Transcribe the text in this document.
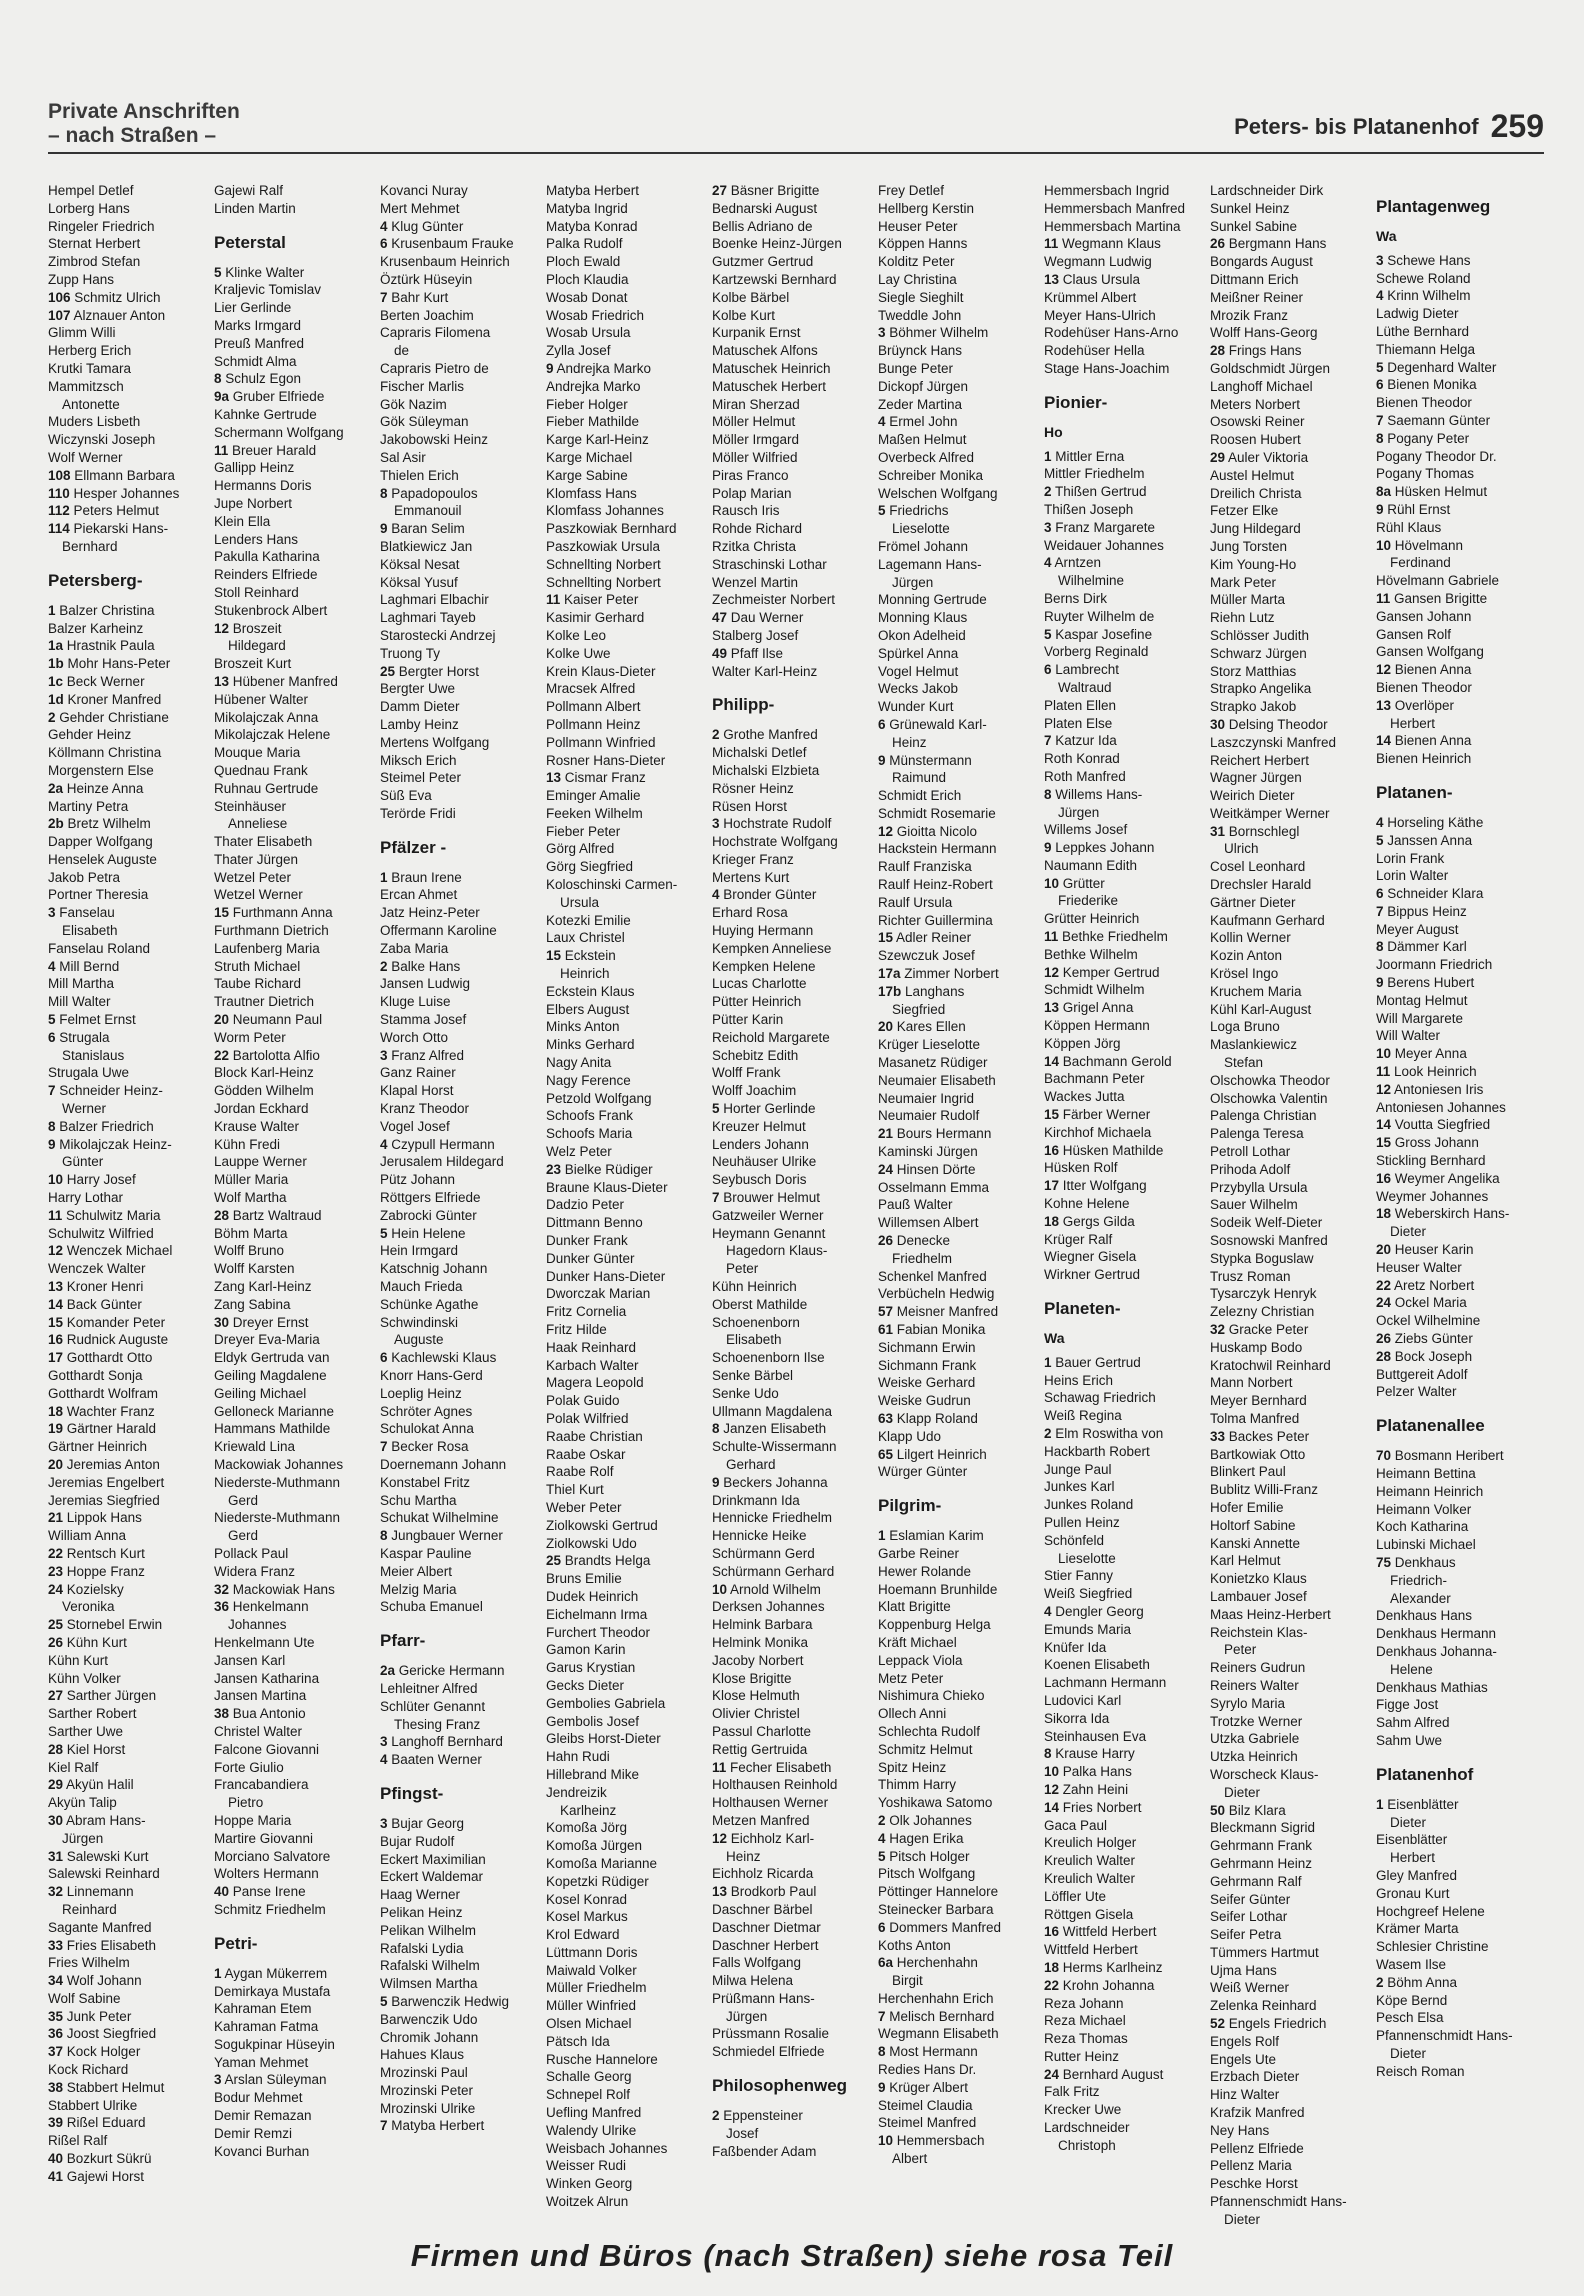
Private Anschriften
– nach Straßen –	Peters- bis Platanenhof 259
Hempel Detlef
Lorberg Hans
Ringeler Friedrich
Sternat Herbert
Zimbrod Stefan
Zupp Hans
106 Schmitz Ulrich
107 Alznauer Anton
Glimm Willi
Herberg Erich
Krutki Tamara
Mammitzsch
Antonette
Muders Lisbeth
Wiczynski Joseph
Wolf Werner
108 Ellmann Barbara
110 Hesper Johannes
112 Peters Helmut
114 Piekarski Hans-
Bernhard
Petersberg-
1 Balzer Christina
Balzer Karheinz
1a Hrastnik Paula
1b Mohr Hans-Peter
1c Beck Werner
1d Kroner Manfred
2 Gehder Christiane
Gehder Heinz
Köllmann Christina
Morgenstern Else
2a Heinze Anna
Martiny Petra
2b Bretz Wilhelm
Dapper Wolfgang
Henselek Auguste
Jakob Petra
Portner Theresia
3 Fanselau
Elisabeth
Fanselau Roland
4 Mill Bernd
Mill Martha
Mill Walter
5 Felmet Ernst
6 Strugala
Stanislaus
Strugala Uwe
7 Schneider Heinz-
Werner
8 Balzer Friedrich
9 Mikolajczak Heinz-
Günter
10 Harry Josef
Harry Lothar
11 Schulwitz Maria
Schulwitz Wilfried
12 Wenczek Michael
Wenczek Walter
13 Kroner Henri
14 Back Günter
15 Komander Peter
16 Rudnick Auguste
17 Gotthardt Otto
Gotthardt Sonja
Gotthardt Wolfram
18 Wachter Franz
19 Gärtner Harald
Gärtner Heinrich
20 Jeremias Anton
Jeremias Engelbert
Jeremias Siegfried
21 Lippok Hans
William Anna
22 Rentsch Kurt
23 Hoppe Franz
24 Kozielsky
Veronika
25 Stornebel Erwin
26 Kühn Kurt
Kühn Kurt
Kühn Volker
27 Sarther Jürgen
Sarther Robert
Sarther Uwe
28 Kiel Horst
Kiel Ralf
29 Akyün Halil
Akyün Talip
30 Abram Hans-
Jürgen
31 Salewski Kurt
Salewski Reinhard
32 Linnemann
Reinhard
Sagante Manfred
33 Fries Elisabeth
Fries Wilhelm
34 Wolf Johann
Wolf Sabine
35 Junk Peter
36 Joost Siegfried
37 Kock Holger
Kock Richard
38 Stabbert Helmut
Stabbert Ulrike
39 Rißel Eduard
Rißel Ralf
40 Bozkurt Sükrü
41 Gajewi Horst
Gajewi Ralf
Linden Martin
Peterstal
5 Klinke Walter
Kraljevic Tomislav
Lier Gerlinde
Marks Irmgard
Preuß Manfred
Schmidt Alma
8 Schulz Egon
9a Gruber Elfriede
Kahnke Gertrude
Schermann Wolfgang
11 Breuer Harald
Gallipp Heinz
Hermanns Doris
Jupe Norbert
Klein Ella
Lenders Hans
Pakulla Katharina
Reinders Elfriede
Stoll Reinhard
Stukenbrock Albert
12 Broszeit
Hildegard
Broszeit Kurt
13 Hübener Manfred
Hübener Walter
Mikolajczak Anna
Mikolajczak Helene
Mouque Maria
Quednau Frank
Ruhnau Gertrude
Steinhäuser
Anneliese
Thater Elisabeth
Thater Jürgen
Wetzel Peter
Wetzel Werner
15 Furthmann Anna
Furthmann Dietrich
Laufenberg Maria
Struth Michael
Taube Richard
Trautner Dietrich
20 Neumann Paul
Worm Peter
22 Bartolotta Alfio
Block Karl-Heinz
Gödden Wilhelm
Jordan Eckhard
Krause Walter
Kühn Fredi
Lauppe Werner
Müller Maria
Wolf Martha
28 Bartz Waltraud
Böhm Marta
Wolff Bruno
Wolff Karsten
Zang Karl-Heinz
Zang Sabina
30 Dreyer Ernst
Dreyer Eva-Maria
Eldyk Gertruda van
Geiling Magdalene
Geiling Michael
Gelloneck Marianne
Hammans Mathilde
Kriewald Lina
Mackowiak Johannes
Niederste-Muthmann
Gerd
Niederste-Muthmann
Gerd
Pollack Paul
Widera Franz
32 Mackowiak Hans
36 Henkelmann
Johannes
Henkelmann Ute
Jansen Karl
Jansen Katharina
Jansen Martina
38 Bua Antonio
Christel Walter
Falcone Giovanni
Forte Giulio
Francabandiera
Pietro
Hoppe Maria
Martire Giovanni
Morciano Salvatore
Wolters Hermann
40 Panse Irene
Schmitz Friedhelm
Petri-
1 Aygan Mükerrem
Demirkaya Mustafa
Kahraman Etem
Kahraman Fatma
Sogukpinar Hüseyin
Yaman Mehmet
3 Arslan Süleyman
Bodur Mehmet
Demir Remazan
Demir Remzi
Kovanci Burhan
Kovanci Nuray
Mert Mehmet
4 Klug Günter
6 Krusenbaum Frauke
Krusenbaum Heinrich
Öztürk Hüseyin
7 Bahr Kurt
Berten Joachim
Capraris Filomena
de
Capraris Pietro de
Fischer Marlis
Gök Nazim
Gök Süleyman
Jakobowski Heinz
Sal Asir
Thielen Erich
8 Papadopoulos
Emmanouil
9 Baran Selim
Blatkiewicz Jan
Köksal Nesat
Köksal Yusuf
Laghmari Elbachir
Laghmari Tayeb
Starostecki Andrzej
Truong Ty
25 Bergter Horst
Bergter Uwe
Damm Dieter
Lamby Heinz
Mertens Wolfgang
Miksch Erich
Steimel Peter
Süß Eva
Terörde Fridi
Pfälzer -
1 Braun Irene
Ercan Ahmet
Jatz Heinz-Peter
Offermann Karoline
Zaba Maria
2 Balke Hans
Jansen Ludwig
Kluge Luise
Stamma Josef
Worch Otto
3 Franz Alfred
Ganz Rainer
Klapal Horst
Kranz Theodor
Vogel Josef
4 Czypull Hermann
Jerusalem Hildegard
Pütz Johann
Röttgers Elfriede
Zabrocki Günter
5 Hein Helene
Hein Irmgard
Katschnig Johann
Mauch Frieda
Schünke Agathe
Schwindinski
Auguste
6 Kachlewski Klaus
Knorr Hans-Gerd
Loeplig Heinz
Schröter Agnes
Schulokat Anna
7 Becker Rosa
Doernemann Johann
Konstabel Fritz
Schu Martha
Schukat Wilhelmine
8 Jungbauer Werner
Kaspar Pauline
Meier Albert
Melzig Maria
Schuba Emanuel
Pfarr-
2a Gericke Hermann
Lehleitner Alfred
Schlüter Genannt
Thesing Franz
3 Langhoff Bernhard
4 Baaten Werner
Pfingst-
3 Bujar Georg
Bujar Rudolf
Eckert Maximilian
Eckert Waldemar
Haag Werner
Pelikan Heinz
Pelikan Wilhelm
Rafalski Lydia
Rafalski Wilhelm
Wilmsen Martha
5 Barwenczik Hedwig
Barwenczik Udo
Chromik Johann
Hahues Klaus
Mrozinski Paul
Mrozinski Peter
Mrozinski Ulrike
7 Matyba Herbert
Matyba Herbert
Matyba Ingrid
Matyba Konrad
Palka Rudolf
Ploch Ewald
Ploch Klaudia
Wosab Donat
Wosab Friedrich
Wosab Ursula
Zylla Josef
9 Andrejka Marko
Andrejka Marko
Fieber Holger
Fieber Mathilde
Karge Karl-Heinz
Karge Michael
Karge Sabine
Klomfass Hans
Klomfass Johannes
Paszkowiak Bernhard
Paszkowiak Ursula
Schnellting Norbert
Schnellting Norbert
11 Kaiser Peter
Kasimir Gerhard
Kolke Leo
Kolke Uwe
Krein Klaus-Dieter
Mracsek Alfred
Pollmann Albert
Pollmann Heinz
Pollmann Winfried
Rosner Hans-Dieter
13 Cismar Franz
Eminger Amalie
Feeken Wilhelm
Fieber Peter
Görg Alfred
Görg Siegfried
Koloschinski Carmen-
Ursula
Kotezki Emilie
Laux Christel
15 Eckstein
Heinrich
Eckstein Klaus
Elbers August
Minks Anton
Minks Gerhard
Nagy Anita
Nagy Ference
Petzold Wolfgang
Schoofs Frank
Schoofs Maria
Welz Peter
23 Bielke Rüdiger
Braune Klaus-Dieter
Dadzio Peter
Dittmann Benno
Dunker Frank
Dunker Günter
Dunker Hans-Dieter
Dworczak Marian
Fritz Cornelia
Fritz Hilde
Haak Reinhard
Karbach Walter
Magera Leopold
Polak Guido
Polak Wilfried
Raabe Christian
Raabe Oskar
Raabe Rolf
Thiel Kurt
Weber Peter
Ziolkowski Gertrud
Ziolkowski Udo
25 Brandts Helga
Bruns Emilie
Dudek Heinrich
Eichelmann Irma
Furchert Theodor
Gamon Karin
Garus Krystian
Gecks Dieter
Gembolies Gabriela
Gembolis Josef
Gleibs Horst-Dieter
Hahn Rudi
Hillebrand Mike
Jendreizik
Karlheinz
Komoßa Jörg
Komoßa Jürgen
Komoßa Marianne
Kopetzki Rüdiger
Kosel Konrad
Kosel Markus
Krol Edward
Lüttmann Doris
Maiwald Volker
Müller Friedhelm
Müller Winfried
Olsen Michael
Pätsch Ida
Rusche Hannelore
Schalle Georg
Schnepel Rolf
Uefling Manfred
Walendy Ulrike
Weisbach Johannes
Weisser Rudi
Winken Georg
Woitzek Alrun
27 Bäsner Brigitte
Bednarski August
Bellis Adriano de
Boenke Heinz-Jürgen
Gutzmer Gertrud
Kartzewski Bernhard
Kolbe Bärbel
Kolbe Kurt
Kurpanik Ernst
Matuschek Alfons
Matuschek Heinrich
Matuschek Herbert
Miran Sherzad
Möller Helmut
Möller Irmgard
Möller Wilfried
Piras Franco
Polap Marian
Rausch Iris
Rohde Richard
Rzitka Christa
Straschinski Lothar
Wenzel Martin
Zechmeister Norbert
47 Dau Werner
Stalberg Josef
49 Pfaff Ilse
Walter Karl-Heinz
Philipp-
2 Grothe Manfred
Michalski Detlef
Michalski Elzbieta
Rösner Heinz
Rüsen Horst
3 Hochstrate Rudolf
Hochstrate Wolfgang
Krieger Franz
Mertens Kurt
4 Bronder Günter
Erhard Rosa
Huying Hermann
Kempken Anneliese
Kempken Helene
Lucas Charlotte
Pütter Heinrich
Pütter Karin
Reichold Margarete
Schebitz Edith
Wolff Frank
Wolff Joachim
5 Horter Gerlinde
Kreuzer Helmut
Lenders Johann
Neuhäuser Ulrike
Seybusch Doris
7 Brouwer Helmut
Gatzweiler Werner
Heymann Genannt
Hagedorn Klaus-
Peter
Kühn Heinrich
Oberst Mathilde
Schoenenborn
Elisabeth
Schoenenborn Ilse
Senke Bärbel
Senke Udo
Ullmann Magdalena
8 Janzen Elisabeth
Schulte-Wissermann
Gerhard
9 Beckers Johanna
Drinkmann Ida
Hennicke Friedhelm
Hennicke Heike
Schürmann Gerd
Schürmann Gerhard
10 Arnold Wilhelm
Derksen Johannes
Helmink Barbara
Helmink Monika
Jacoby Norbert
Klose Brigitte
Klose Helmuth
Olivier Christel
Passul Charlotte
Rettig Gertruida
11 Fecher Elisabeth
Holthausen Reinhold
Holthausen Werner
Metzen Manfred
12 Eichholz Karl-
Heinz
Eichholz Ricarda
13 Brodkorb Paul
Daschner Bärbel
Daschner Dietmar
Daschner Herbert
Falls Wolfgang
Milwa Helena
Prüßmann Hans-
Jürgen
Prüssmann Rosalie
Schmiedel Elfriede
Philosophenweg
2 Eppensteiner
Josef
Faßbender Adam
Frey Detlef
Hellberg Kerstin
Heuser Peter
Köppen Hanns
Kolditz Peter
Lay Christina
Siegle Sieghilt
Tweddle John
3 Böhmer Wilhelm
Brüynck Hans
Bunge Peter
Dickopf Jürgen
Zeder Martina
4 Ermel John
Maßen Helmut
Overbeck Alfred
Schreiber Monika
Welschen Wolfgang
5 Friedrichs
Lieselotte
Frömel Johann
Lagemann Hans-
Jürgen
Monning Gertrude
Monning Klaus
Okon Adelheid
Spürkel Anna
Vogel Helmut
Wecks Jakob
Wunder Kurt
6 Grünewald Karl-
Heinz
9 Münstermann
Raimund
Schmidt Erich
Schmidt Rosemarie
12 Gioitta Nicolo
Hackstein Hermann
Raulf Franziska
Raulf Heinz-Robert
Raulf Ursula
Richter Guillermina
15 Adler Reiner
Szewczuk Josef
17a Zimmer Norbert
17b Langhans
Siegfried
20 Kares Ellen
Krüger Lieselotte
Masanetz Rüdiger
Neumaier Elisabeth
Neumaier Ingrid
Neumaier Rudolf
21 Bours Hermann
Kaminski Jürgen
24 Hinsen Dörte
Osselmann Emma
Pauß Walter
Willemsen Albert
26 Denecke
Friedhelm
Schenkel Manfred
Verbücheln Hedwig
57 Meisner Manfred
61 Fabian Monika
Sichmann Erwin
Sichmann Frank
Weiske Gerhard
Weiske Gudrun
63 Klapp Roland
Klapp Udo
65 Lilgert Heinrich
Würger Günter
Pilgrim-
1 Eslamian Karim
Garbe Reiner
Hewer Rolande
Hoemann Brunhilde
Klatt Brigitte
Koppenburg Helga
Kräft Michael
Leppack Viola
Metz Peter
Nishimura Chieko
Ollech Anni
Schlechta Rudolf
Schmitz Helmut
Spitz Heinz
Thimm Harry
Yoshikawa Satomo
2 Olk Johannes
4 Hagen Erika
5 Pitsch Holger
Pitsch Wolfgang
Pöttinger Hannelore
Steinecker Barbara
6 Dommers Manfred
Koths Anton
6a Herchenhahn
Birgit
Herchenhahn Erich
7 Melisch Bernhard
Wegmann Elisabeth
8 Most Hermann
Redies Hans Dr.
9 Krüger Albert
Steimel Claudia
Steimel Manfred
10 Hemmersbach
Albert
Hemmersbach Ingrid
Hemmersbach Manfred
Hemmersbach Martina
11 Wegmann Klaus
Wegmann Ludwig
13 Claus Ursula
Krümmel Albert
Meyer Hans-Ulrich
Rodehüser Hans-Arno
Rodehüser Hella
Stage Hans-Joachim
Pionier-
Ho
1 Mittler Erna
Mittler Friedhelm
2 Thißen Gertrud
Thißen Joseph
3 Franz Margarete
Weidauer Johannes
4 Arntzen
Wilhelmine
Berns Dirk
Ruyter Wilhelm de
5 Kaspar Josefine
Vorberg Reginald
6 Lambrecht
Waltraud
Platen Ellen
Platen Else
7 Katzur Ida
Roth Konrad
Roth Manfred
8 Willems Hans-
Jürgen
Willems Josef
9 Leppkes Johann
Naumann Edith
10 Grütter
Friederike
Grütter Heinrich
11 Bethke Friedhelm
Bethke Wilhelm
12 Kemper Gertrud
Schmidt Wilhelm
13 Grigel Anna
Köppen Hermann
Köppen Jörg
14 Bachmann Gerold
Bachmann Peter
Wackes Jutta
15 Färber Werner
Kirchhof Michaela
16 Hüsken Mathilde
Hüsken Rolf
17 Itter Wolfgang
Kohne Helene
18 Gergs Gilda
Krüger Ralf
Wiegner Gisela
Wirkner Gertrud
Planeten-
Wa
1 Bauer Gertrud
Heins Erich
Schawag Friedrich
Weiß Regina
2 Elm Roswitha von
Hackbarth Robert
Junge Paul
Junkes Karl
Junkes Roland
Pullen Heinz
Schönfeld
Lieselotte
Stier Fanny
Weiß Siegfried
4 Dengler Georg
Emunds Maria
Knüfer Ida
Koenen Elisabeth
Lachmann Hermann
Ludovici Karl
Sikorra Ida
Steinhausen Eva
8 Krause Harry
10 Palka Hans
12 Zahn Heini
14 Fries Norbert
Gaca Paul
Kreulich Holger
Kreulich Walter
Kreulich Walter
Löffler Ute
Röttgen Gisela
16 Wittfeld Herbert
Wittfeld Herbert
18 Herms Karlheinz
22 Krohn Johanna
Reza Johann
Reza Michael
Reza Thomas
Rutter Heinz
24 Bernhard August
Falk Fritz
Krecker Uwe
Lardschneider
Christoph
Lardschneider Dirk
Sunkel Heinz
Sunkel Sabine
26 Bergmann Hans
Bongards August
Dittmann Erich
Meißner Reiner
Mrozik Franz
Wolff Hans-Georg
28 Frings Hans
Goldschmidt Jürgen
Langhoff Michael
Meters Norbert
Osowski Reiner
Roosen Hubert
29 Auler Viktoria
Austel Helmut
Dreilich Christa
Fetzer Elke
Jung Hildegard
Jung Torsten
Kim Young-Ho
Mark Peter
Müller Marta
Riehn Lutz
Schlösser Judith
Schwarz Jürgen
Storz Matthias
Strapko Angelika
Strapko Jakob
30 Delsing Theodor
Laszczynski Manfred
Reichert Herbert
Wagner Jürgen
Weirich Dieter
Weitkämper Werner
31 Bornschlegl
Ulrich
Cosel Leonhard
Drechsler Harald
Gärtner Dieter
Kaufmann Gerhard
Kollin Werner
Kozin Anton
Krösel Ingo
Kruchem Maria
Kühl Karl-August
Loga Bruno
Maslankiewicz
Stefan
Olschowka Theodor
Olschowka Valentin
Palenga Christian
Palenga Teresa
Petroll Lothar
Prihoda Adolf
Przybylla Ursula
Sauer Wilhelm
Sodeik Welf-Dieter
Sosnowski Manfred
Stypka Boguslaw
Trusz Roman
Tysarczyk Henryk
Zelezny Christian
32 Gracke Peter
Huskamp Bodo
Kratochwil Reinhard
Mann Norbert
Meyer Bernhard
Tolma Manfred
33 Backes Peter
Bartkowiak Otto
Blinkert Paul
Bublitz Willi-Franz
Hofer Emilie
Holtorf Sabine
Kanski Annette
Karl Helmut
Konietzko Klaus
Lambauer Josef
Maas Heinz-Herbert
Reichstein Klas-
Peter
Reiners Gudrun
Reiners Walter
Syrylo Maria
Trotzke Werner
Utzka Gabriele
Utzka Heinrich
Worscheck Klaus-
Dieter
50 Bilz Klara
Bleckmann Sigrid
Gehrmann Frank
Gehrmann Heinz
Gehrmann Ralf
Seifer Günter
Seifer Lothar
Seifer Petra
Tümmers Hartmut
Ujma Hans
Weiß Werner
Zelenka Reinhard
52 Engels Friedrich
Engels Rolf
Engels Ute
Erzbach Dieter
Hinz Walter
Krafzik Manfred
Ney Hans
Pellenz Elfriede
Pellenz Maria
Peschke Horst
Pfannenschmidt Hans-
Dieter
Plantagenweg
Wa
3 Schewe Hans
Schewe Roland
4 Krinn Wilhelm
Ladwig Dieter
Lüthe Bernhard
Thiemann Helga
5 Degenhard Walter
6 Bienen Monika
Bienen Theodor
7 Saemann Günter
8 Pogany Peter
Pogany Theodor Dr.
Pogany Thomas
8a Hüsken Helmut
9 Rühl Ernst
Rühl Klaus
10 Hövelmann
Ferdinand
Hövelmann Gabriele
11 Gansen Brigitte
Gansen Johann
Gansen Rolf
Gansen Wolfgang
12 Bienen Anna
Bienen Theodor
13 Overlöper
Herbert
14 Bienen Anna
Bienen Heinrich
Platanen-
4 Horseling Käthe
5 Janssen Anna
Lorin Frank
Lorin Walter
6 Schneider Klara
7 Bippus Heinz
Meyer August
8 Dämmer Karl
Joormann Friedrich
9 Berens Hubert
Montag Helmut
Will Margarete
Will Walter
10 Meyer Anna
11 Look Heinrich
12 Antoniesen Iris
Antoniesen Johannes
14 Voutta Siegfried
15 Gross Johann
Stickling Bernhard
16 Weymer Angelika
Weymer Johannes
18 Weberskirch Hans-
Dieter
20 Heuser Karin
Heuser Walter
22 Aretz Norbert
24 Ockel Maria
Ockel Wilhelmine
26 Ziebs Günter
28 Bock Joseph
Buttgereit Adolf
Pelzer Walter
Platanenallee
70 Bosmann Heribert
Heimann Bettina
Heimann Heinrich
Heimann Volker
Koch Katharina
Lubinski Michael
75 Denkhaus
Friedrich-
Alexander
Denkhaus Hans
Denkhaus Hermann
Denkhaus Johanna-
Helene
Denkhaus Mathias
Figge Jost
Sahm Alfred
Sahm Uwe
Platanenhof
1 Eisenblätter
Dieter
Eisenblätter
Herbert
Gley Manfred
Gronau Kurt
Hochgreef Helene
Krämer Marta
Schlesier Christine
Wasem Ilse
2 Böhm Anna
Köpe Bernd
Pesch Elsa
Pfannenschmidt Hans-
Dieter
Reisch Roman
Firmen und Büros (nach Straßen) siehe rosa Teil
